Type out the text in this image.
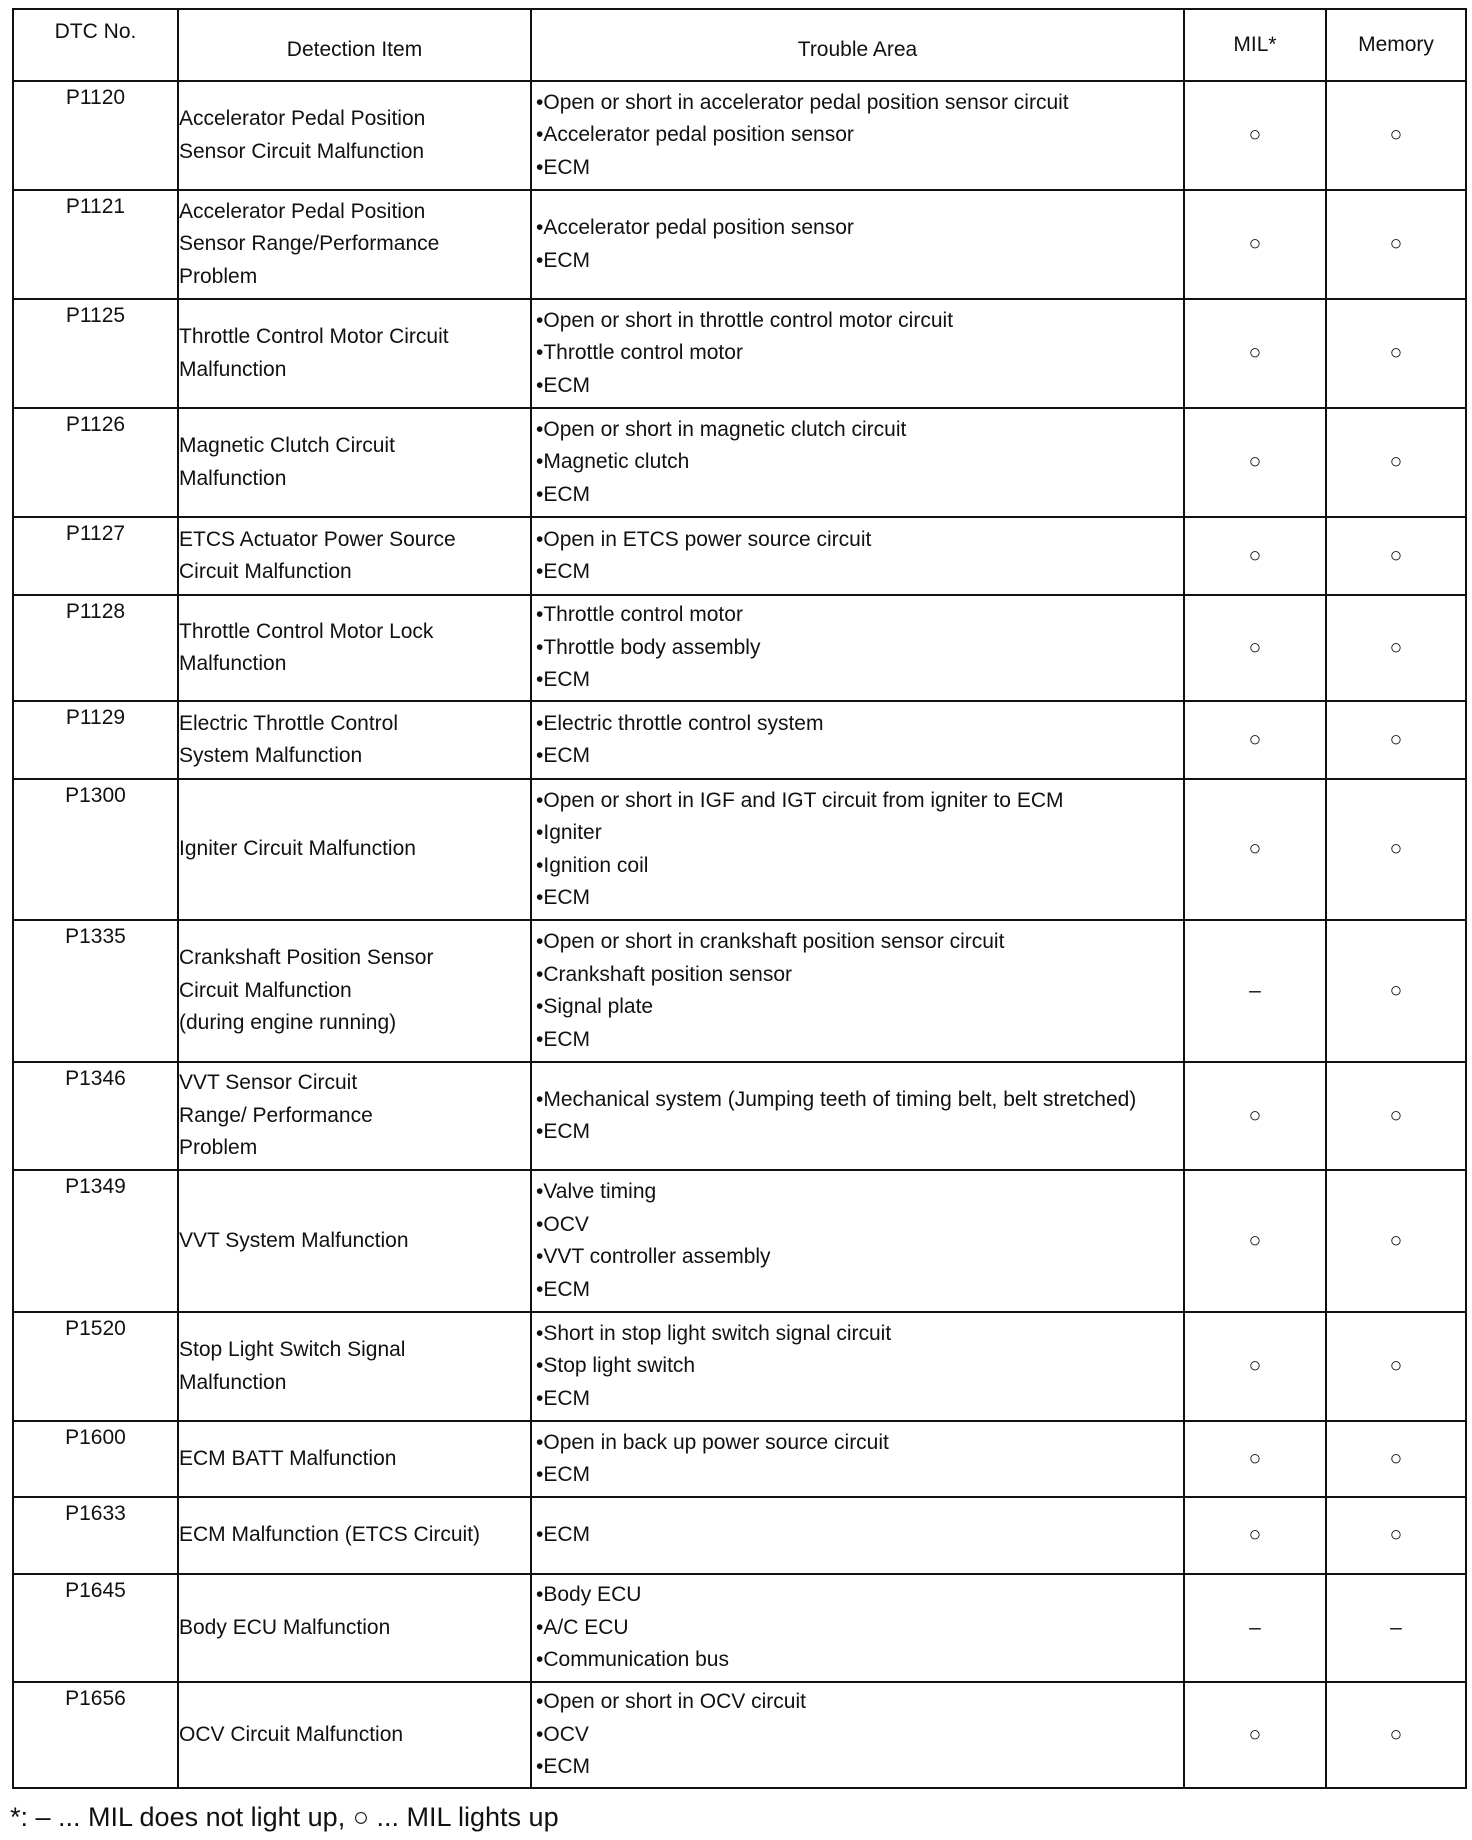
DTC No.	Detection Item	Trouble Area	MIL*	Memory
P1120	Accelerator Pedal Position
Sensor Circuit Malfunction	•Open or short in accelerator pedal position sensor circuit
•Accelerator pedal position sensor
•ECM	○	○
P1121	Accelerator Pedal Position
Sensor Range/Performance
Problem	•Accelerator pedal position sensor
•ECM	○	○
P1125	Throttle Control Motor Circuit
Malfunction	•Open or short in throttle control motor circuit
•Throttle control motor
•ECM	○	○
P1126	Magnetic Clutch Circuit
Malfunction	•Open or short in magnetic clutch circuit
•Magnetic clutch
•ECM	○	○
P1127	ETCS Actuator Power Source
Circuit Malfunction	•Open in ETCS power source circuit
•ECM	○	○
P1128	Throttle Control Motor Lock
Malfunction	•Throttle control motor
•Throttle body assembly
•ECM	○	○
P1129	Electric Throttle Control
System Malfunction	•Electric throttle control system
•ECM	○	○
P1300	Igniter Circuit Malfunction	•Open or short in IGF and IGT circuit from igniter to ECM
•Igniter
•Ignition coil
•ECM	○	○
P1335	Crankshaft Position Sensor
Circuit Malfunction
(during engine running)	•Open or short in crankshaft position sensor circuit
•Crankshaft position sensor
•Signal plate
•ECM	–	○
P1346	VVT Sensor Circuit
Range/ Performance
Problem	•Mechanical system (Jumping teeth of timing belt, belt stretched)
•ECM	○	○
P1349	VVT System Malfunction	•Valve timing
•OCV
•VVT controller assembly
•ECM	○	○
P1520	Stop Light Switch Signal
Malfunction	•Short in stop light switch signal circuit
•Stop light switch
•ECM	○	○
P1600	ECM BATT Malfunction	•Open in back up power source circuit
•ECM	○	○
P1633	ECM Malfunction (ETCS Circuit)	•ECM	○	○
P1645	Body ECU Malfunction	•Body ECU
•A/C ECU
•Communication bus	–	–
P1656	OCV Circuit Malfunction	•Open or short in OCV circuit
•OCV
•ECM	○	○
*: – ... MIL does not light up, ○ ... MIL lights up
